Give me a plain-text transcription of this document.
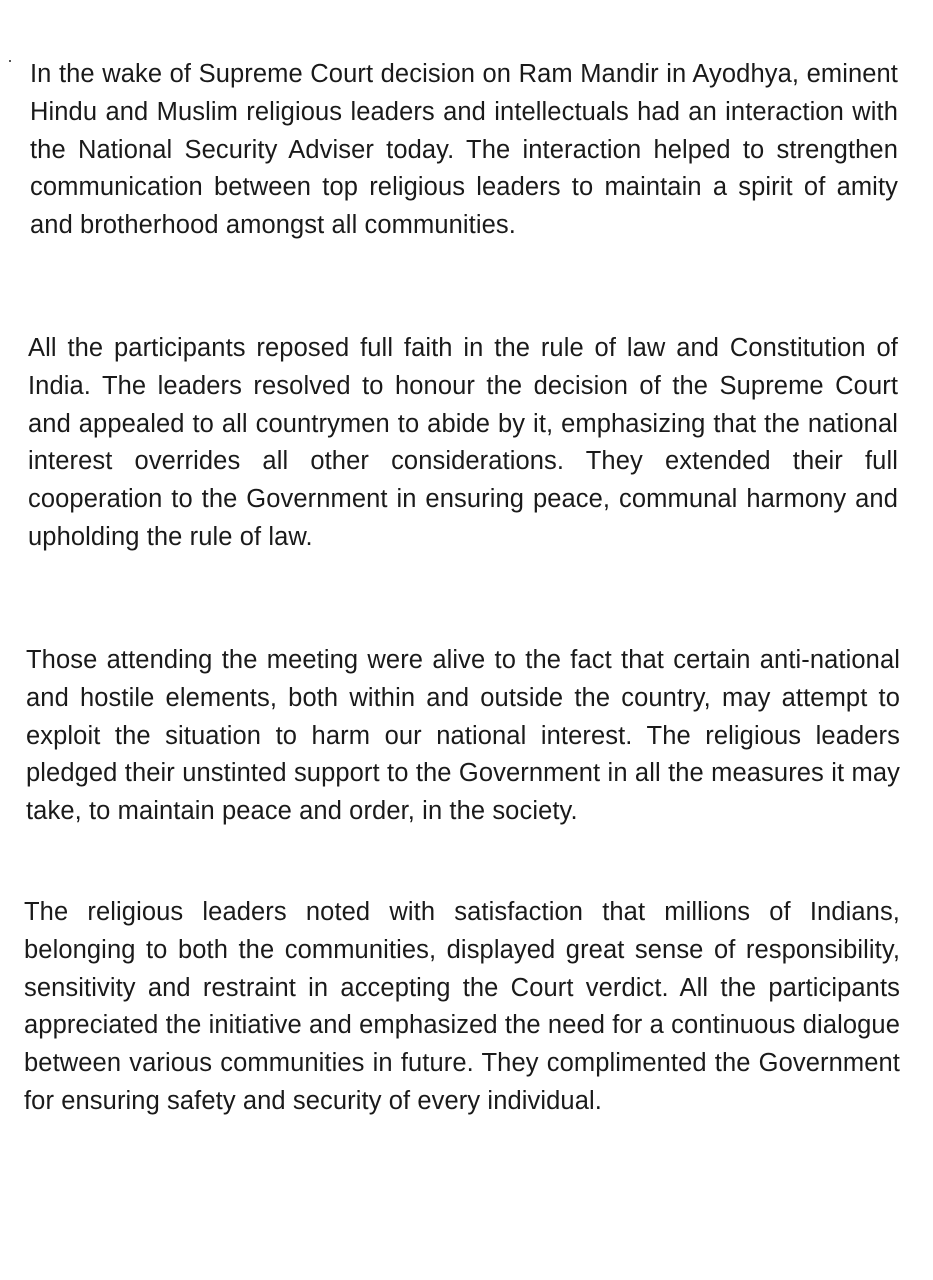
In the wake of Supreme Court decision on Ram Mandir in Ayodhya, eminent Hindu and Muslim religious leaders and intellectuals had an interaction with the National Security Adviser today. The interaction helped to strengthen communication between top religious leaders to maintain a spirit of amity and brotherhood amongst all communities.

All the participants reposed full faith in the rule of law and Constitution of India. The leaders resolved to honour the decision of the Supreme Court and appealed to all countrymen to abide by it, emphasizing that the national interest overrides all other considerations. They extended their full cooperation to the Government in ensuring peace, communal harmony and upholding the rule of law.

Those attending the meeting were alive to the fact that certain anti-national and hostile elements, both within and outside the country, may attempt to exploit the situation to harm our national interest. The religious leaders pledged their unstinted support to the Government in all the measures it may take, to maintain peace and order, in the society.

The religious leaders noted with satisfaction that millions of Indians, belonging to both the communities, displayed great sense of responsibility, sensitivity and restraint in accepting the Court verdict. All the participants appreciated the initiative and emphasized the need for a continuous dialogue between various communities in future. They complimented the Government for ensuring safety and security of every individual.
